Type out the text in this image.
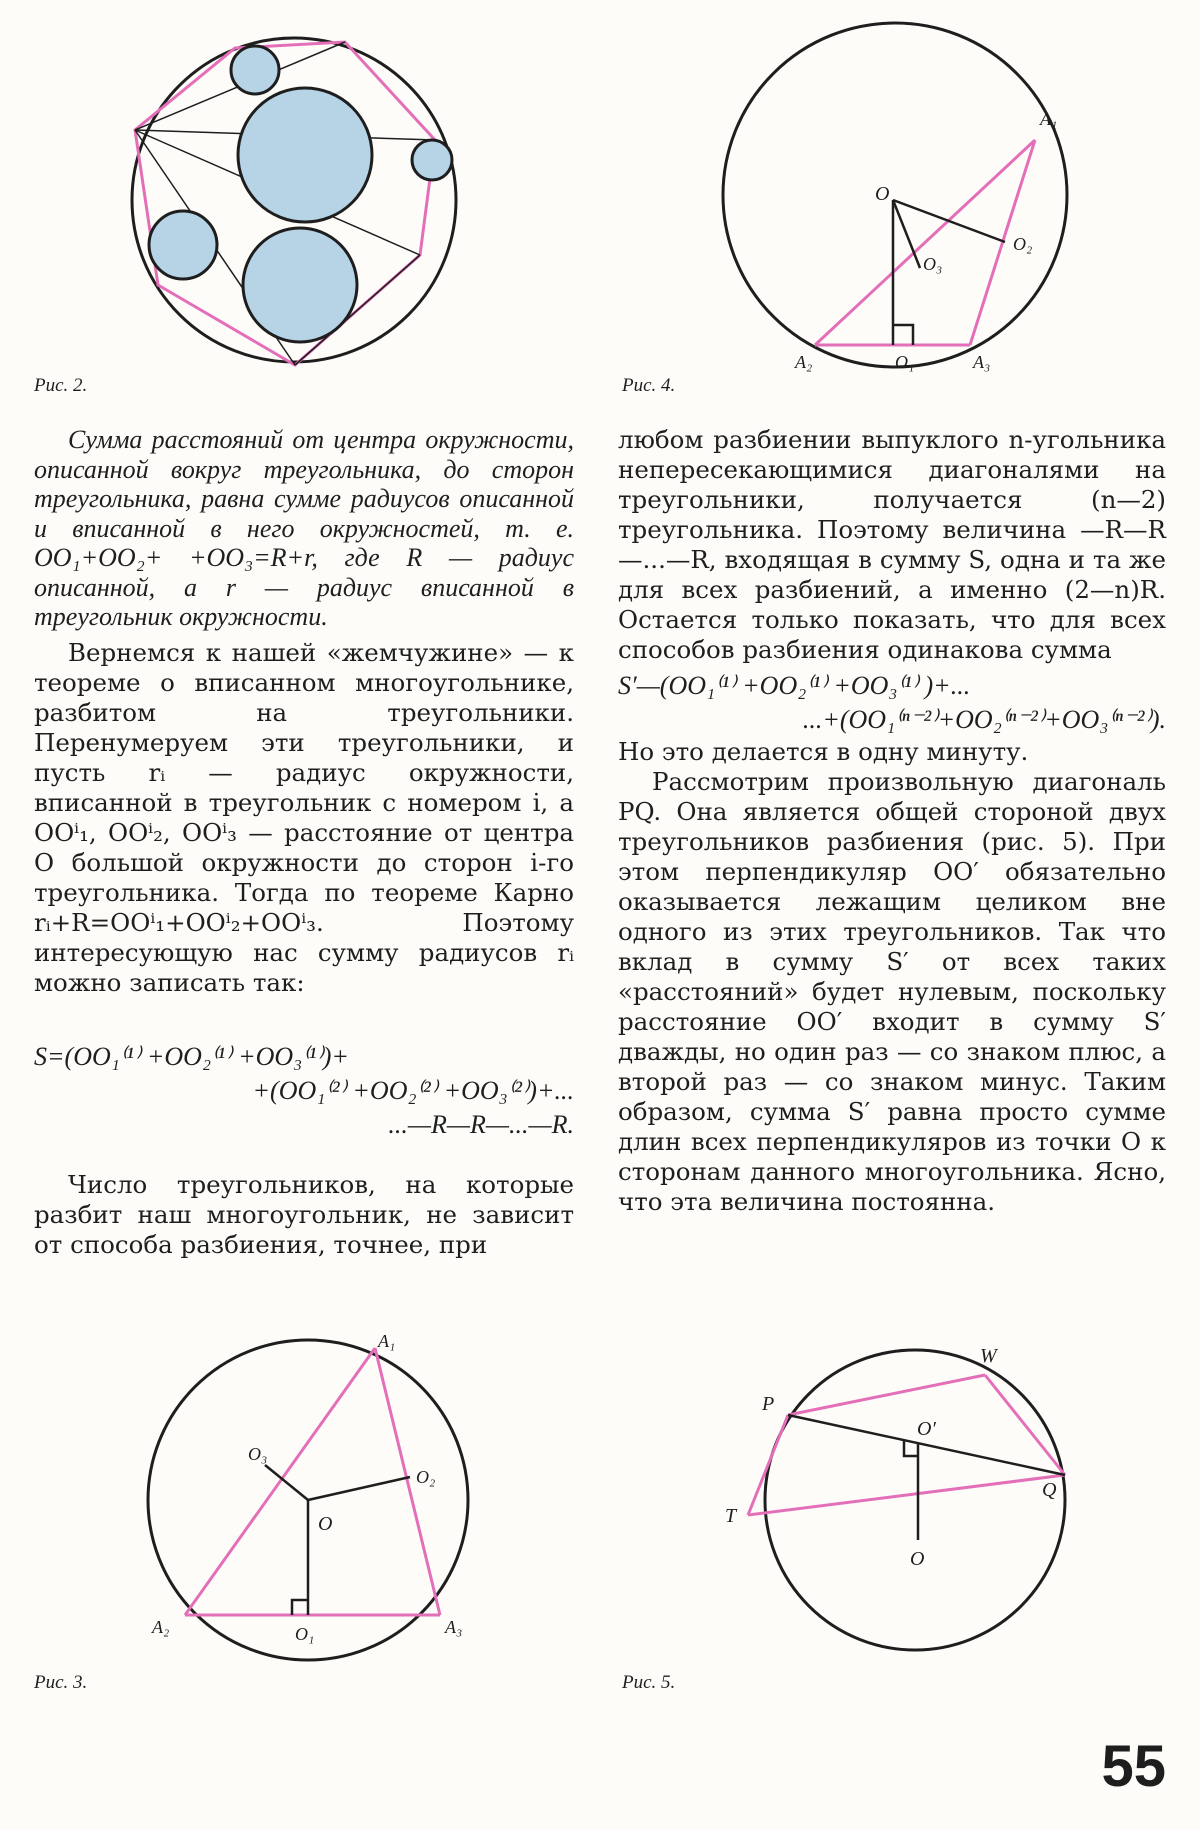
Рис. 2.
O
A₁
A₂	A₃
O₁
O₂
O₃
Рис. 4.

Сумма расстояний от центра окружности, описанной вокруг треугольника, до сторон треугольника, равна сумме радиусов описанной и вписанной в него окружностей, т. е. OO₁+OO₂+ +OO₃=R+r, где R — радиус описанной, а r — радиус вписанной в треугольник окружности.

Вернемся к нашей «жемчужине» — к теореме о вписанном многоугольнике, разбитом на треугольники. Перенумеруем эти треугольники, и пусть rᵢ — радиус окружности, вписанной в треугольник с номером i, а OOⁱ₁, OOⁱ₂, OOⁱ₃ — расстояние от центра O большой окружности до сторон i-го треугольника. Тогда по теореме Карно rᵢ+R=OOⁱ₁+OOⁱ₂+OOⁱ₃. Поэтому интересующую нас сумму радиусов rᵢ можно записать так:

S=(OO₁⁽¹⁾ +OO₂⁽¹⁾ +OO₃⁽¹⁾)+
+(OO₁⁽²⁾ +OO₂⁽²⁾ +OO₃⁽²⁾)+...
...—R—R—...—R.

Число треугольников, на которые разбит наш многоугольник, не зависит от способа разбиения, точнее, при

любом разбиении выпуклого n-угольника непересекающимися диагоналями на треугольники, получается (n—2) треугольника. Поэтому величина —R—R—...—R, входящая в сумму S, одна и та же для всех разбиений, а именно (2—n)R. Остается только показать, что для всех способов разбиения одинакова сумма

S′—(OO₁⁽¹⁾ +OO₂⁽¹⁾ +OO₃⁽¹⁾ )+...
...+(OO₁⁽ⁿ⁻²⁾+OO₂⁽ⁿ⁻²⁾+OO₃⁽ⁿ⁻²⁾).

Но это делается в одну минуту.

Рассмотрим произвольную диагональ PQ. Она является общей стороной двух треугольников разбиения (рис. 5). При этом перпендикуляр OO′ обязательно оказывается лежащим целиком вне одного из этих треугольников. Так что вклад в сумму S′ от всех таких «расстояний» будет нулевым, поскольку расстояние OO′ входит в сумму S′ дважды, но один раз — со знаком плюс, а второй раз — со знаком минус. Таким образом, сумма S′ равна просто сумме длин всех перпендикуляров из точки O к сторонам данного многоугольника. Ясно, что эта величина постоянна.

A₁
A₂	A₃
O
O₁
O₂
O₃
Рис. 3.
P
W
Q
T
O
O′
Рис. 5.
55
